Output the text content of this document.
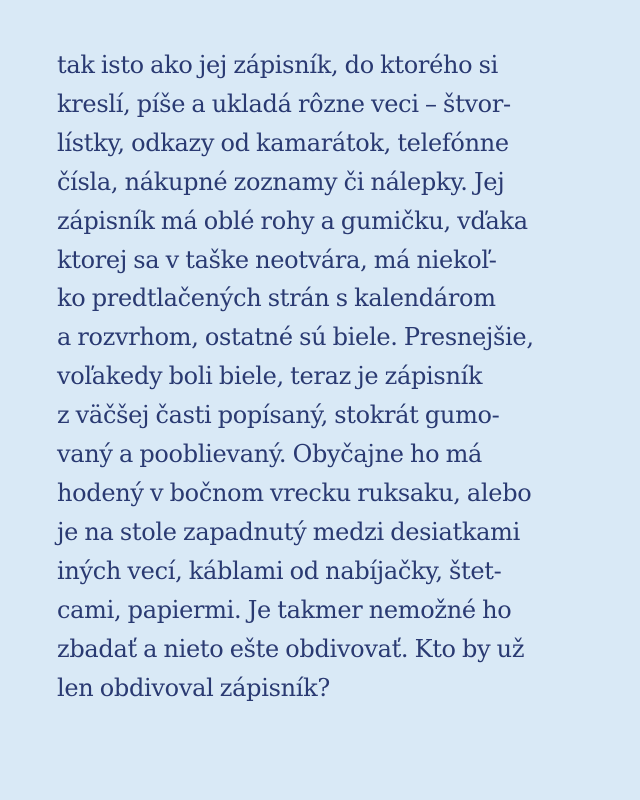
tak isto ako jej zápisník, do ktorého si
kreslí, píše a ukladá rôzne veci – štvor-
lístky, odkazy od kamarátok, telefónne
čísla, nákupné zoznamy či nálepky. Jej
zápisník má oblé rohy a gumičku, vďaka
ktorej sa v taške neotvára, má niekoľ-
ko predtlačených strán s kalendárom
a rozvrhom, ostatné sú biele. Presnejšie,
voľakedy boli biele, teraz je zápisník
z väčšej časti popísaný, stokrát gumo-
vaný a pooblievaný. Obyčajne ho má
hodený v bočnom vrecku ruksaku, alebo
je na stole zapadnutý medzi desiatkami
iných vecí, káblami od nabíjačky, štet-
cami, papiermi. Je takmer nemožné ho
zbadať a nieto ešte obdivovať. Kto by už
len obdivoval zápisník?
